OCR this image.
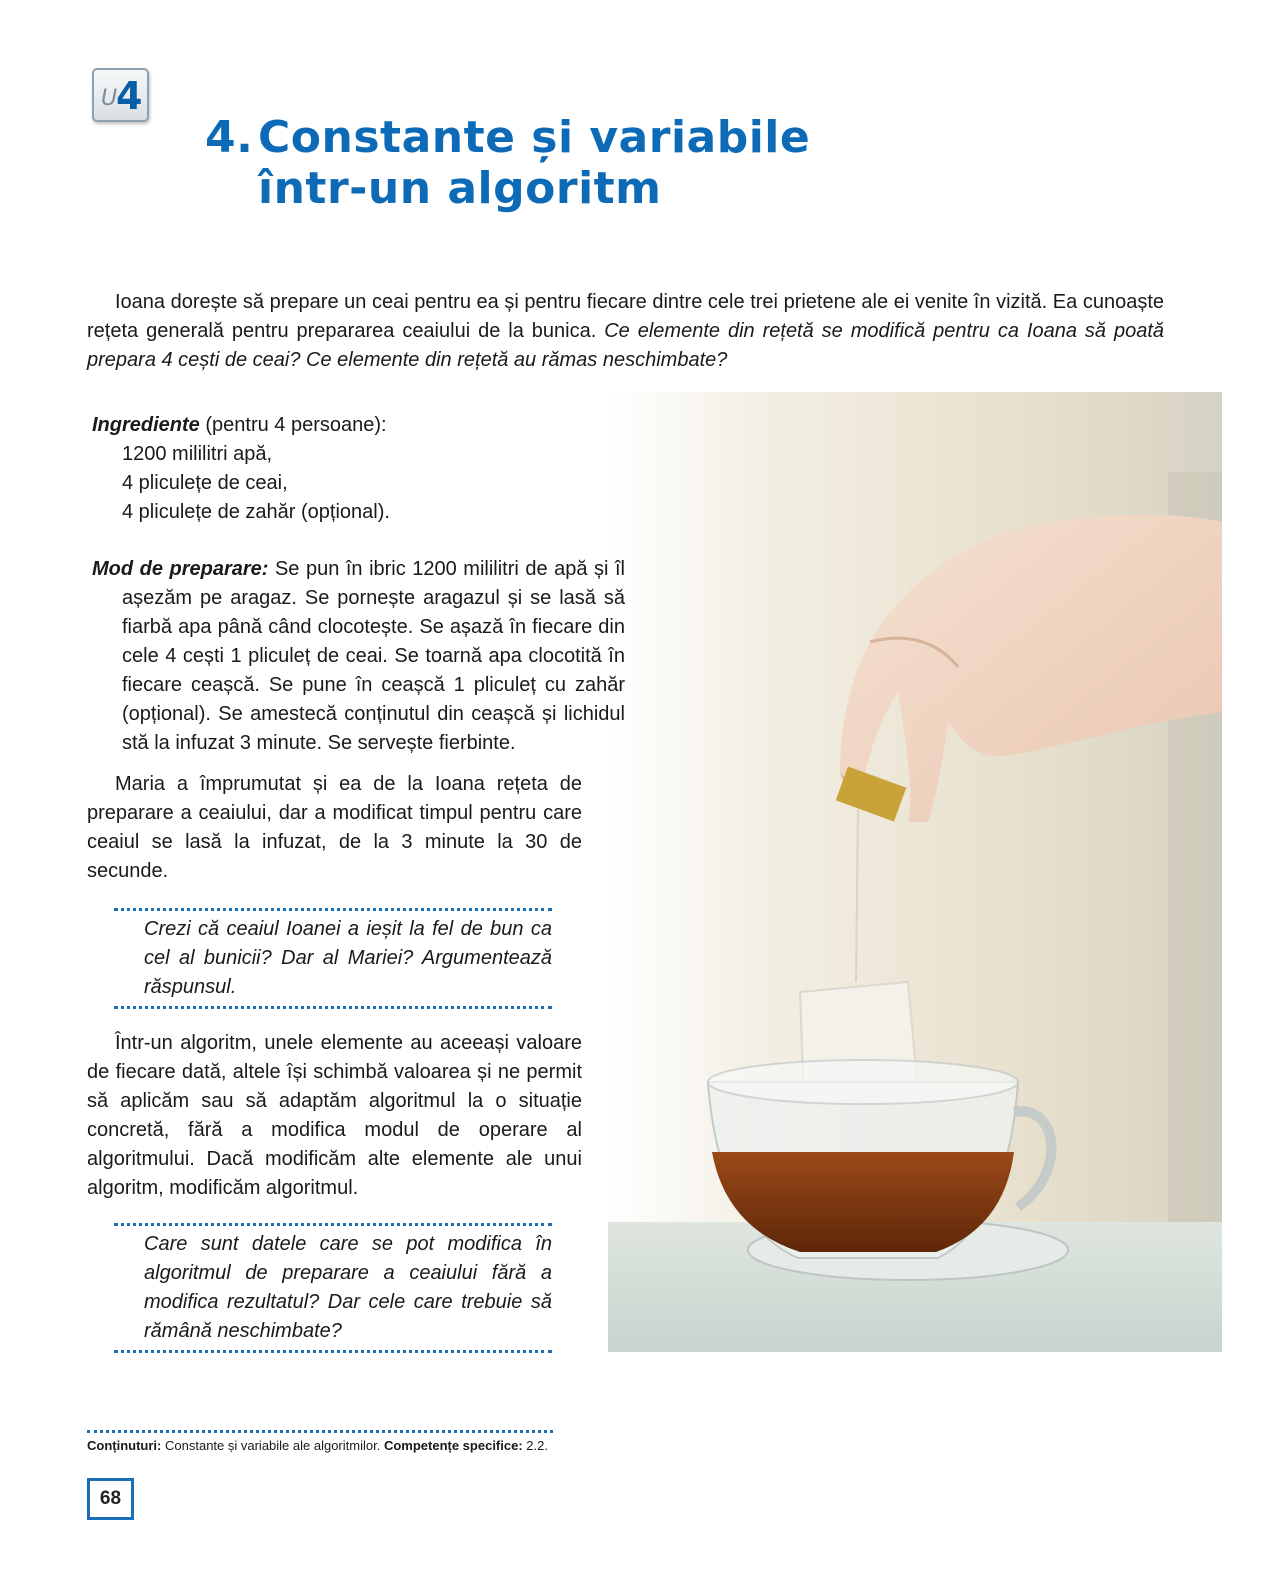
U
4
4. Constante și variabile
într-un algoritm

Ioana dorește să prepare un ceai pentru ea și pentru fiecare dintre cele trei prietene ale ei venite în vizită. Ea cunoaște rețeta generală pentru prepararea ceaiului de la bunica. Ce elemente din rețetă se modifică pentru ca Ioana să poată prepara 4 cești de ceai? Ce elemente din rețetă au rămas neschimbate?

Ingrediente (pentru 4 persoane):
1200 mililitri apă,
4 pliculețe de ceai,
4 pliculețe de zahăr (opțional).

Mod de preparare: Se pun în ibric 1200 mililitri de apă și îl așezăm pe aragaz. Se pornește aragazul și se lasă să fiarbă apa până când clocotește. Se așază în fiecare din cele 4 cești 1 pliculeț de ceai. Se toarnă apa clocotită în fiecare ceașcă. Se pune în ceașcă 1 pliculeț cu zahăr (opțional). Se amestecă conținutul din ceașcă și lichidul stă la infuzat 3 minute. Se servește fierbinte.

Maria a împrumutat și ea de la Ioana rețeta de preparare a ceaiului, dar a modificat timpul pentru care ceaiul se lasă la infuzat, de la 3 minute la 30 de secunde.

Crezi că ceaiul Ioanei a ieșit la fel de bun ca cel al bunicii? Dar al Mariei? Argumentează răspunsul.

Într-un algoritm, unele elemente au aceeași valoare de fiecare dată, altele își schimbă valoarea și ne permit să aplicăm sau să adaptăm algoritmul la o situație concretă, fără a modifica modul de operare al algoritmului. Dacă modificăm alte elemente ale unui algoritm, modificăm algoritmul.

Care sunt datele care se pot modifica în algoritmul de preparare a ceaiului fără a modifica rezultatul? Dar cele care trebuie să rămână neschimbate?

Conținuturi: Constante și variabile ale algoritmilor. Competențe specifice: 2.2.
68
